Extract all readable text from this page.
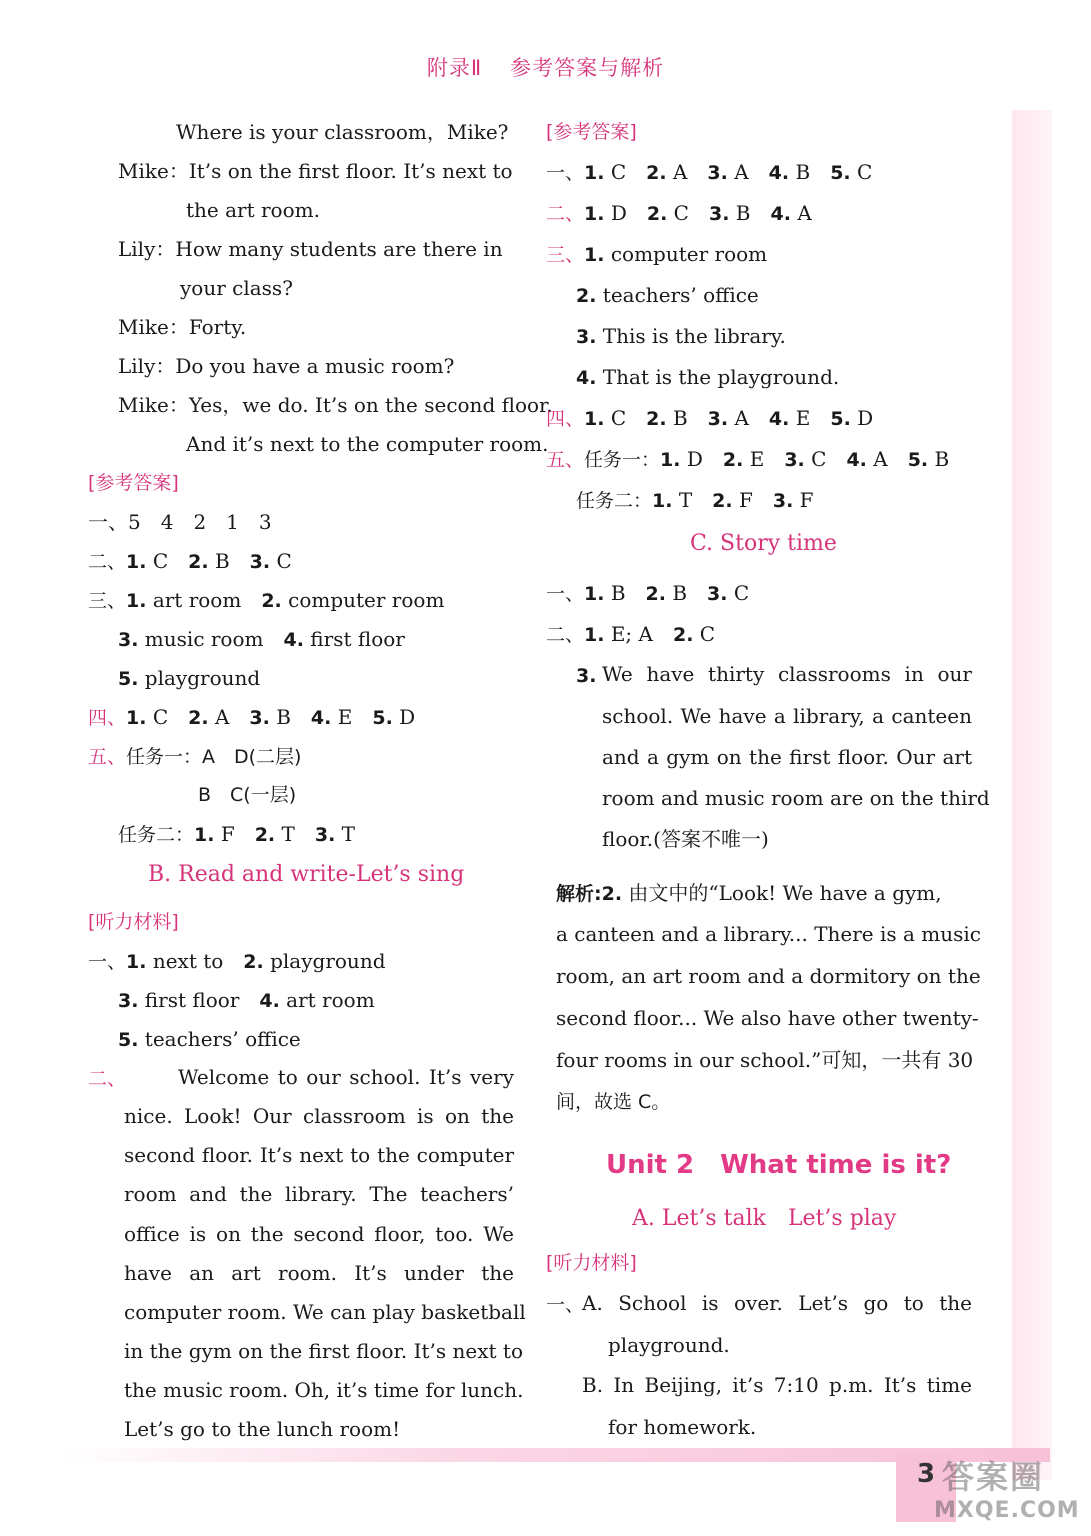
附录Ⅱ 参考答案与解析
Where is your classroom，Mike?
Mike：It’s on the first floor. It’s next to
the art room.
Lily：How many students are there in
your class?
Mike：Forty.
Lily：Do you have a music room?
Mike：Yes，we do. It’s on the second floor.
And it’s next to the computer room.
[参考答案]
一、5　4　2　1　3
二、1. C　 2. B　 3. C
三、1. art room　 2. computer room
3. music room　 4. first floor
5. playground
四、1. C　 2. A　 3. B　 4. E　 5. D
五、任务一：A　D(二层)
B　C(一层)
任务二：1. F　 2. T　 3. T
B. Read and write-Let’s sing
[听力材料]
一、1. next to　 2. playground
3. first floor　 4. art room
5. teachers’ office
二、	Welcome to our school. It’s very
nice. Look! Our classroom is on the
second floor. It’s next to the computer
room and the library. The teachers’
office is on the second floor, too. We
have an art room. It’s under the
computer room. We can play basketball
in the gym on the first floor. It’s next to
the music room. Oh, it’s time for lunch.
Let’s go to the lunch room!
[参考答案]
一、1. C　 2. A　 3. A　 4. B　 5. C
二、1. D　 2. C　 3. B　 4. A
三、1. computer room
2. teachers’ office
3. This is the library.
4. That is the playground.
四、1. C　 2. B　 3. A　 4. E　 5. D
五、任务一：1. D　 2. E　 3. C　 4. A　 5. B
任务二：1. T　 2. F　 3. F
C. Story time
一、1. B　 2. B　 3. C
二、1. E; A　 2. C
3. We have thirty classrooms in our
school. We have a library, a canteen
and a gym on the first floor. Our art
room and music room are on the third
floor.(答案不唯一)
解析:2. 由文中的“Look! We have a gym,
a canteen and a library... There is a music
room, an art room and a dormitory on the
second floor... We also have other twenty-
four rooms in our school.”可知，一共有 30
间，故选 C。
Unit 2　What time is it?
A. Let’s talk　Let’s play
[听力材料]
一、
A. School is over. Let’s go to the
playground.
B. In Beijing, it’s 7:10 p.m. It’s time
for homework.
3 答案圈
MXQE.COM
